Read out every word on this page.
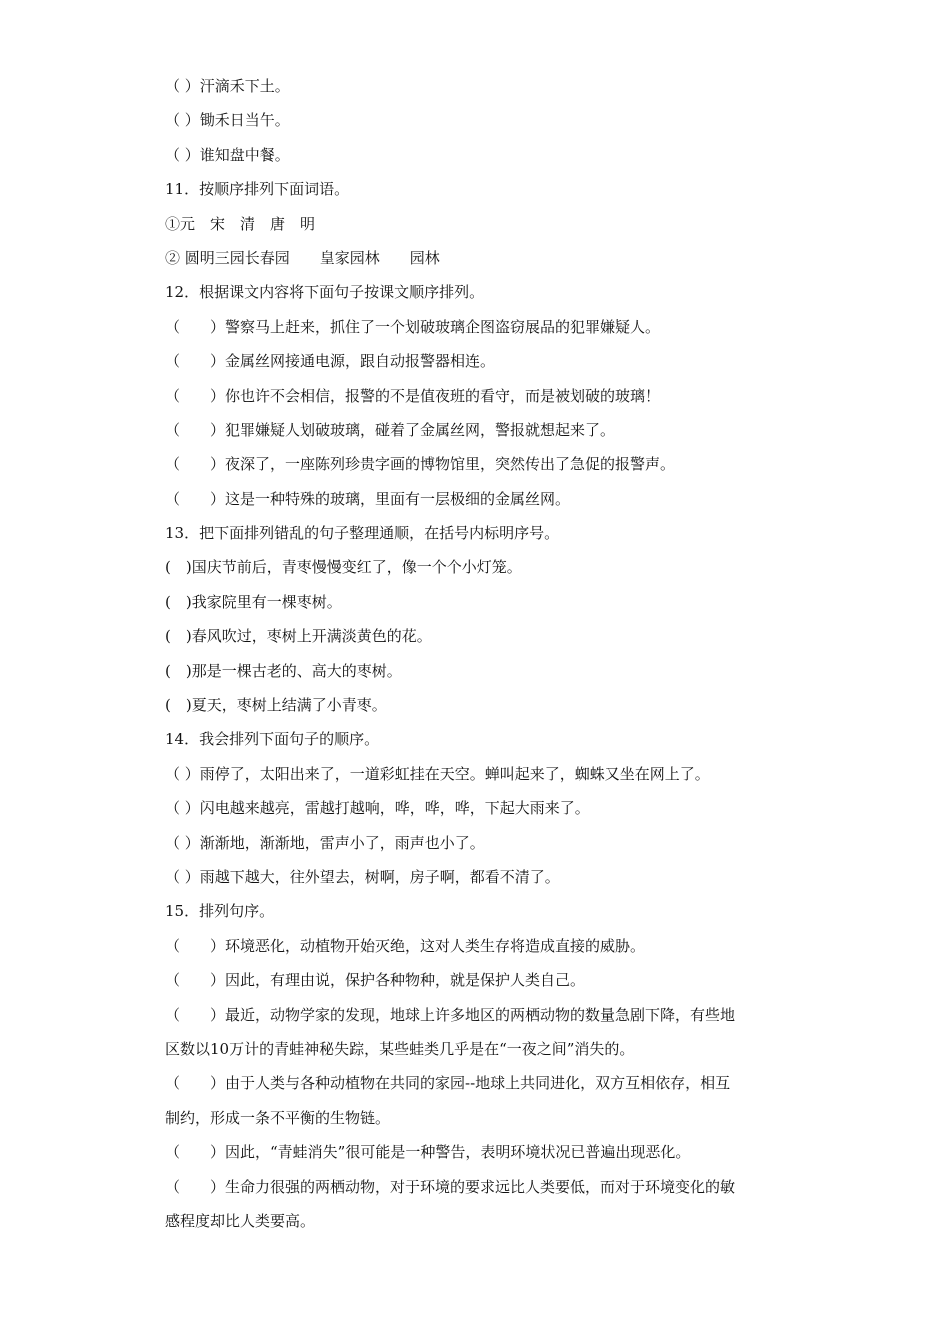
（ ）汗滴禾下土。
（ ）锄禾日当午。
（ ）谁知盘中餐。
11．按顺序排列下面词语。
①元　宋　清　唐　明
② 圆明三园长春园　　皇家园林　　园林
12．根据课文内容将下面句子按课文顺序排列。
（　　）警察马上赶来，抓住了一个划破玻璃企图盗窃展品的犯罪嫌疑人。
（　　）金属丝网接通电源，跟自动报警器相连。
（　　）你也许不会相信，报警的不是值夜班的看守，而是被划破的玻璃！
（　　）犯罪嫌疑人划破玻璃，碰着了金属丝网，警报就想起来了。
（　　）夜深了，一座陈列珍贵字画的博物馆里，突然传出了急促的报警声。
（　　）这是一种特殊的玻璃，里面有一层极细的金属丝网。
13．把下面排列错乱的句子整理通顺，在括号内标明序号。
(　)国庆节前后，青枣慢慢变红了，像一个个小灯笼。
(　)我家院里有一棵枣树。
(　)春风吹过，枣树上开满淡黄色的花。
(　)那是一棵古老的、高大的枣树。
(　)夏天，枣树上结满了小青枣。
14．我会排列下面句子的顺序。
（ ）雨停了，太阳出来了，一道彩虹挂在天空。蝉叫起来了，蜘蛛又坐在网上了。
（ ）闪电越来越亮，雷越打越响，哗，哗，哗，下起大雨来了。
（ ）渐渐地，渐渐地，雷声小了，雨声也小了。
（ ）雨越下越大，往外望去，树啊，房子啊，都看不清了。
15．排列句序。
（　　）环境恶化，动植物开始灭绝，这对人类生存将造成直接的威胁。
（　　）因此，有理由说，保护各种物种，就是保护人类自己。
（　　）最近，动物学家的发现，地球上许多地区的两栖动物的数量急剧下降，有些地
区数以10万计的青蛙神秘失踪，某些蛙类几乎是在“一夜之间”消失的。
（　　）由于人类与各种动植物在共同的家园--地球上共同进化，双方互相依存，相互
制约，形成一条不平衡的生物链。
（　　）因此，“青蛙消失”很可能是一种警告，表明环境状况已普遍出现恶化。
（　　）生命力很强的两栖动物，对于环境的要求远比人类要低，而对于环境变化的敏
感程度却比人类要高。
